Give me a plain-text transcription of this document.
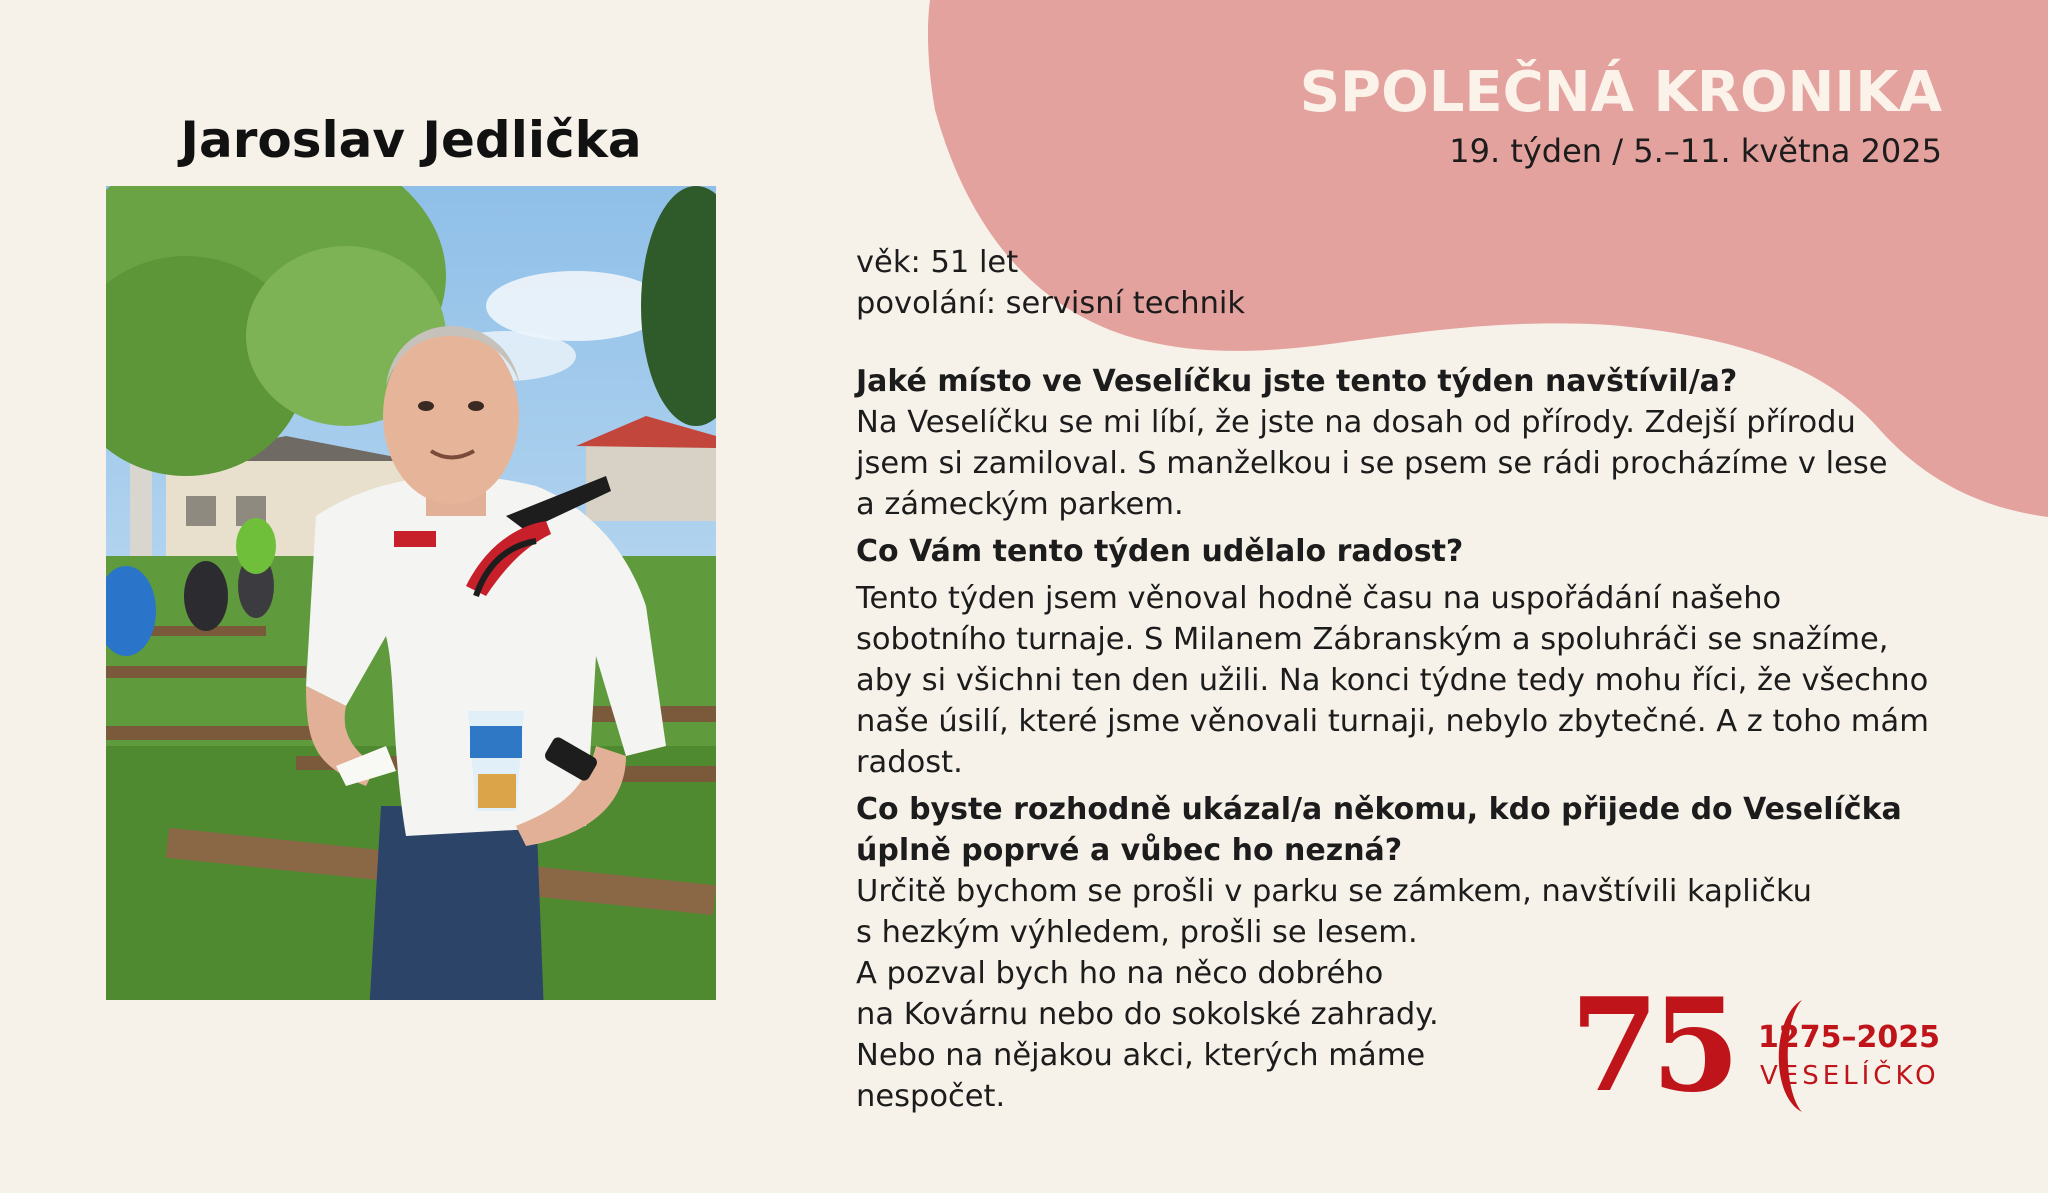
SPOLEČNÁ KRONIKA
19. týden / 5.–11. května 2025
Jaroslav Jedlička
věk: 51 let
povolání: servisní technik
Jaké místo ve Veselíčku jste tento týden navštívil/a?
Na Veselíčku se mi líbí, že jste na dosah od přírody. Zdejší přírodu
jsem si zamiloval. S manželkou i se psem se rádi procházíme v lese
a zámeckým parkem.
Co Vám tento týden udělalo radost?
Tento týden jsem věnoval hodně času na uspořádání našeho
sobotního turnaje. S Milanem Zábranským a spoluhráči se snažíme,
aby si všichni ten den užili. Na konci týdne tedy mohu říci, že všechno
naše úsilí, které jsme věnovali turnaji, nebylo zbytečné. A z toho mám
radost.
Co byste rozhodně ukázal/a někomu, kdo přijede do Veselíčka
úplně poprvé a vůbec ho nezná?
Určitě bychom se prošli v parku se zámkem, navštívili kapličku
s hezkým výhledem, prošli se lesem.
A pozval bych ho na něco dobrého
na Kovárnu nebo do sokolské zahrady.
Nebo na nějakou akci, kterých máme
nespočet.	75 1275–2025
VESELÍČKO
